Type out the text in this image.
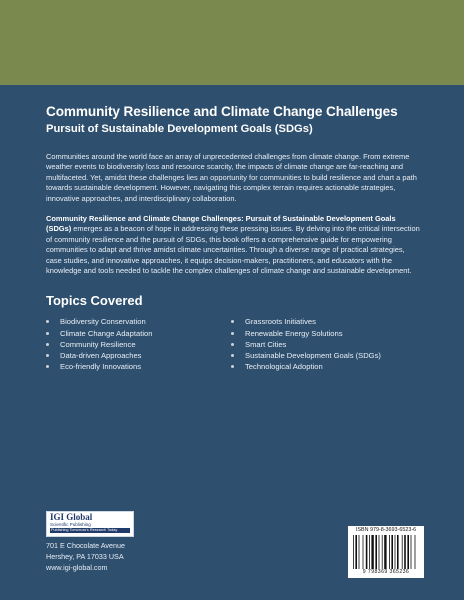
Community Resilience and Climate Change Challenges
Pursuit of Sustainable Development Goals (SDGs)

Communities around the world face an array of unprecedented challenges from climate change. From extreme weather events to biodiversity loss and resource scarcity, the impacts of climate change are far-reaching and multifaceted. Yet, amidst these challenges lies an opportunity for communities to build resilience and chart a path towards sustainable development. However, navigating this complex terrain requires actionable strategies, innovative approaches, and interdisciplinary collaboration.

Community Resilience and Climate Change Challenges: Pursuit of Sustainable Development Goals (SDGs) emerges as a beacon of hope in addressing these pressing issues. By delving into the critical intersection of community resilience and the pursuit of SDGs, this book offers a comprehensive guide for empowering communities to adapt and thrive amidst climate uncertainties. Through a diverse range of practical strategies, case studies, and innovative approaches, it equips decision-makers, practitioners, and educators with the knowledge and tools needed to tackle the complex challenges of climate change and sustainable development.

Topics Covered
Biodiversity Conservation
Climate Change Adaptation
Community Resilience
Data-driven Approaches
Eco-friendly Innovations
Grassroots Initiatives
Renewable Energy Solutions
Smart Cities
Sustainable Development Goals (SDGs)
Technological Adoption
IGI Global
Scientific Publishing
Publishing Tomorrow's Research Today
701 E Chocolate Avenue
Hershey, PA 17033 USA
www.igi-global.com
ISBN 979-8-3693-6523-6
9 798369 365236
